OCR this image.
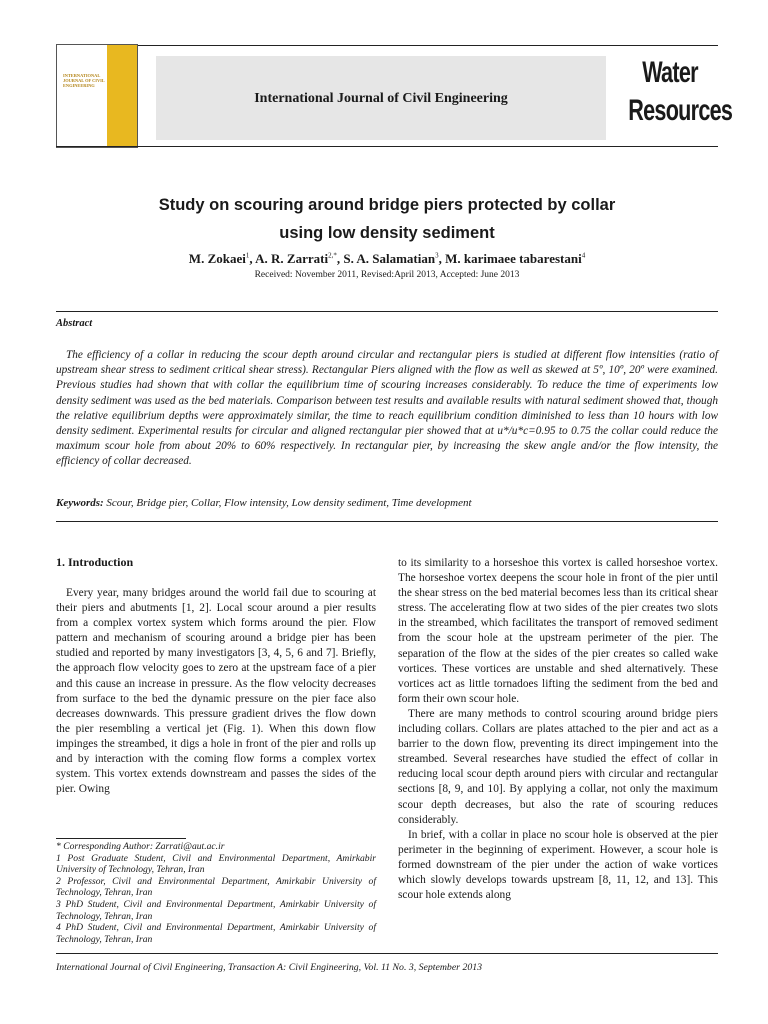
INTERNATIONAL JOURNAL OF CIVIL ENGINEERING
International Journal of Civil Engineering
Water
Resources
Study on scouring around bridge piers protected by collar
using low density sediment
M. Zokaei$^1$, A. R. Zarrati$^{2,*}$, S. A. Salamatian$^3$, M. karimaee tabarestani$^4$
Received: November 2011, Revised:April 2013, Accepted: June 2013
Abstract
The efficiency of a collar in reducing the scour depth around circular and rectangular piers is studied at different flow intensities (ratio of upstream shear stress to sediment critical shear stress). Rectangular Piers aligned with the flow as well as skewed at 5º, 10º, 20º were examined. Previous studies had shown that with collar the equilibrium time of scouring increases considerably. To reduce the time of experiments low density sediment was used as the bed materials. Comparison between test results and available results with natural sediment showed that, though the relative equilibrium depths were approximately similar, the time to reach equilibrium condition diminished to less than 10 hours with low density sediment. Experimental results for circular and aligned rectangular pier showed that at u*/u*c=0.95 to 0.75 the collar could reduce the maximum scour hole from about 20% to 60% respectively. In rectangular pier, by increasing the skew angle and/or the flow intensity, the efficiency of collar decreased.
Keywords: Scour, Bridge pier, Collar, Flow intensity, Low density sediment, Time development
1. Introduction

Every year, many bridges around the world fail due to scouring at their piers and abutments [1, 2]. Local scour around a pier results from a complex vortex system which forms around the pier. Flow pattern and mechanism of scouring around a bridge pier has been studied and reported by many investigators [3, 4, 5, 6 and 7]. Briefly, the approach flow velocity goes to zero at the upstream face of a pier and this cause an increase in pressure. As the flow velocity decreases from surface to the bed the dynamic pressure on the pier face also decreases downwards. This pressure gradient drives the flow down the pier resembling a vertical jet (Fig. 1). When this down flow impinges the streambed, it digs a hole in front of the pier and rolls up and by interaction with the coming flow forms a complex vortex system. This vortex extends downstream and passes the sides of the pier. Owing

to its similarity to a horseshoe this vortex is called horseshoe vortex. The horseshoe vortex deepens the scour hole in front of the pier until the shear stress on the bed material becomes less than its critical shear stress. The accelerating flow at two sides of the pier creates two slots in the streambed, which facilitates the transport of removed sediment from the scour hole at the upstream perimeter of the pier. The separation of the flow at the sides of the pier creates so called wake vortices. These vortices are unstable and shed alternatively. These vortices act as little tornadoes lifting the sediment from the bed and form their own scour hole.

There are many methods to control scouring around bridge piers including collars. Collars are plates attached to the pier and act as a barrier to the down flow, preventing its direct impingement into the streambed. Several researches have studied the effect of collar in reducing local scour depth around piers with circular and rectangular sections [8, 9, and 10]. By applying a collar, not only the maximum scour depth decreases, but also the rate of scouring reduces considerably.

In brief, with a collar in place no scour hole is observed at the pier perimeter in the beginning of experiment. However, a scour hole is formed downstream of the pier under the action of wake vortices which slowly develops towards upstream [8, 11, 12, and 13]. This scour hole extends along

* Corresponding Author: Zarrati@aut.ac.ir
1 Post Graduate Student, Civil and Environmental Department, Amirkabir University of Technology, Tehran, Iran
2 Professor, Civil and Environmental Department, Amirkabir University of Technology, Tehran, Iran
3 PhD Student, Civil and Environmental Department, Amirkabir University of Technology, Tehran, Iran
4 PhD Student, Civil and Environmental Department, Amirkabir University of Technology, Tehran, Iran
International Journal of Civil Engineering, Transaction A: Civil Engineering, Vol. 11 No. 3, September 2013
